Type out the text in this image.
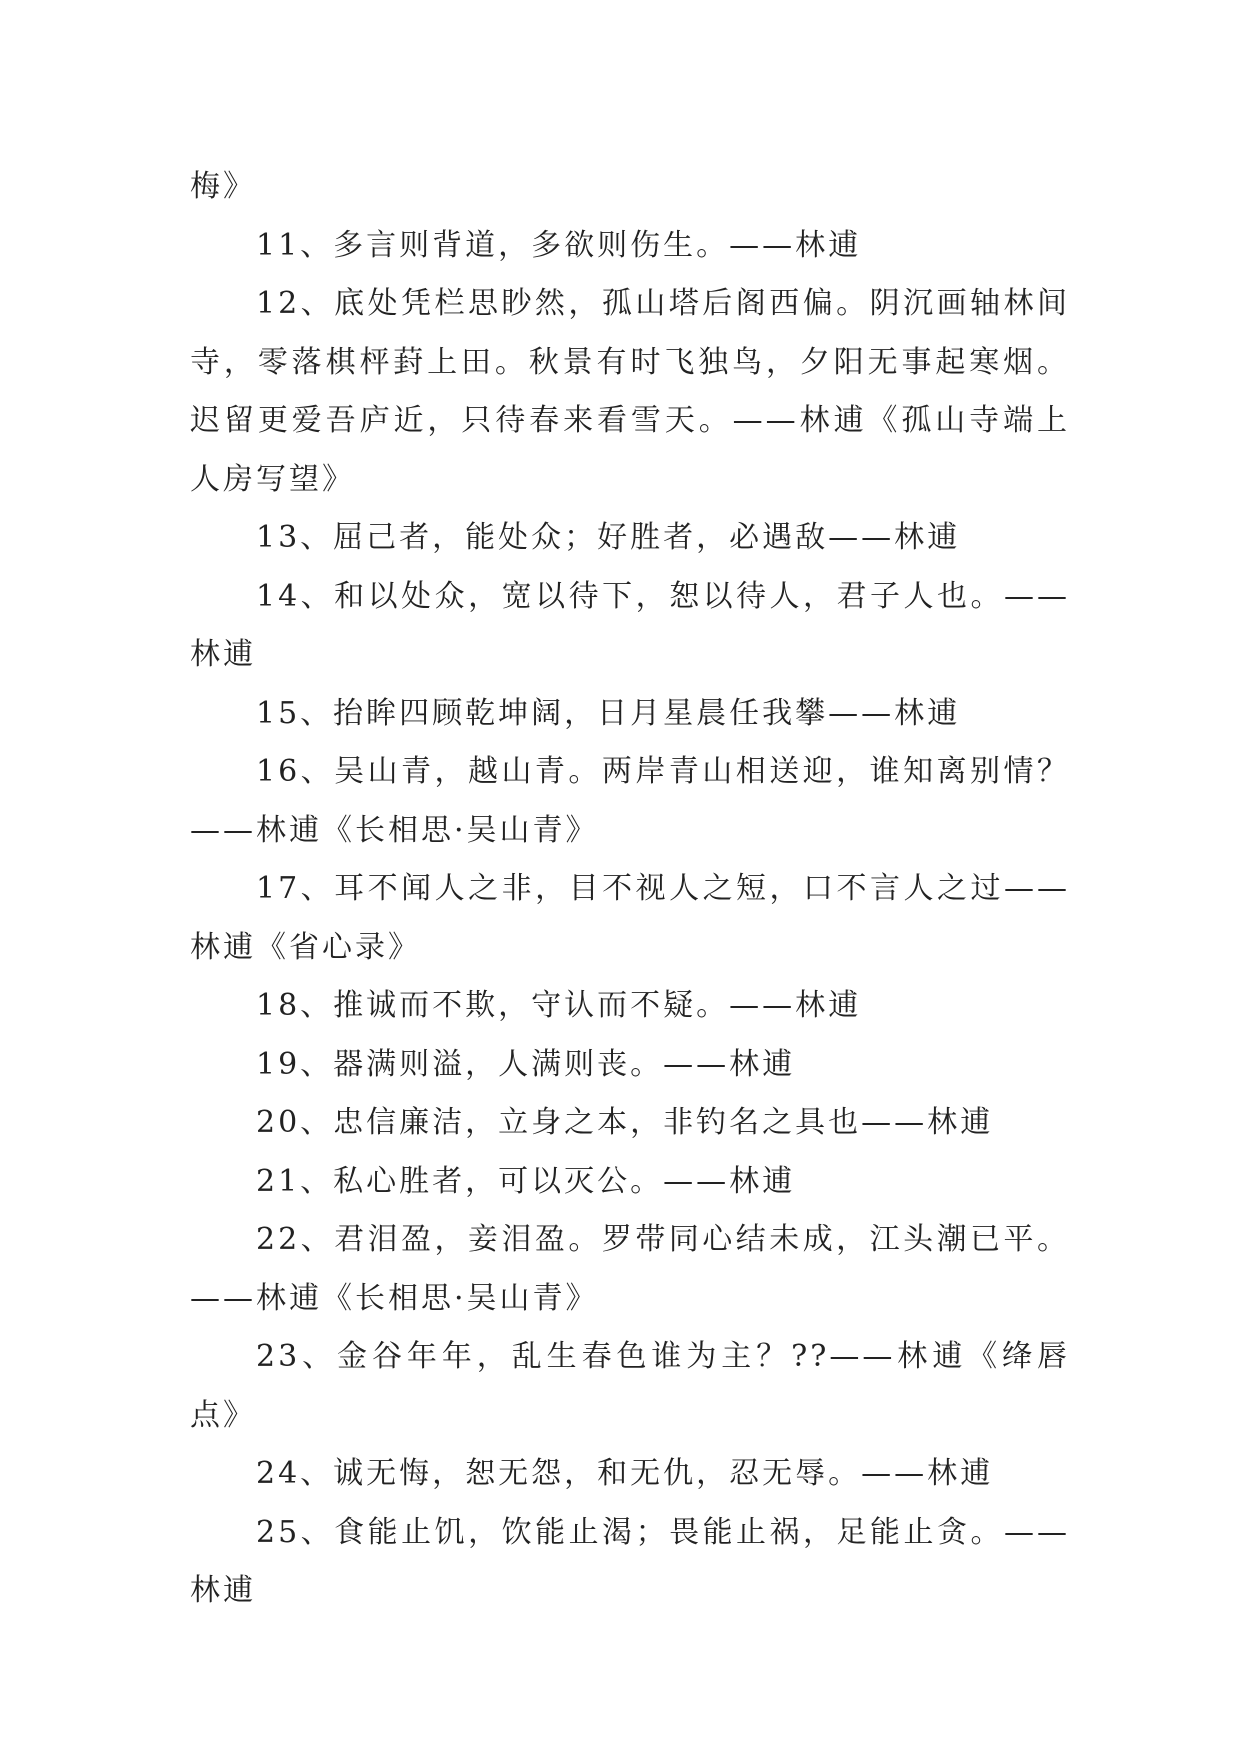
梅》

11、多言则背道，多欲则伤生。——林逋

12、底处凭栏思眇然，孤山塔后阁西偏。阴沉画轴林间寺，零落棋枰葑上田。秋景有时飞独鸟，夕阳无事起寒烟。迟留更爱吾庐近，只待春来看雪天。——林逋《孤山寺端上人房写望》

13、屈己者，能处众；好胜者，必遇敌——林逋

14、和以处众，宽以待下，恕以待人，君子人也。——林逋

15、抬眸四顾乾坤阔，日月星晨任我攀——林逋

16、吴山青，越山青。两岸青山相送迎，谁知离别情？——林逋《长相思·吴山青》

17、耳不闻人之非，目不视人之短，口不言人之过——林逋《省心录》

18、推诚而不欺，守认而不疑。——林逋

19、器满则溢，人满则丧。——林逋

20、忠信廉洁，立身之本，非钓名之具也——林逋

21、私心胜者，可以灭公。——林逋

22、君泪盈，妾泪盈。罗带同心结未成，江头潮已平。——林逋《长相思·吴山青》

23、金谷年年，乱生春色谁为主？??——林逋《绛唇点》

24、诚无悔，恕无怨，和无仇，忍无辱。——林逋

25、食能止饥，饮能止渴；畏能止祸，足能止贪。——林逋
